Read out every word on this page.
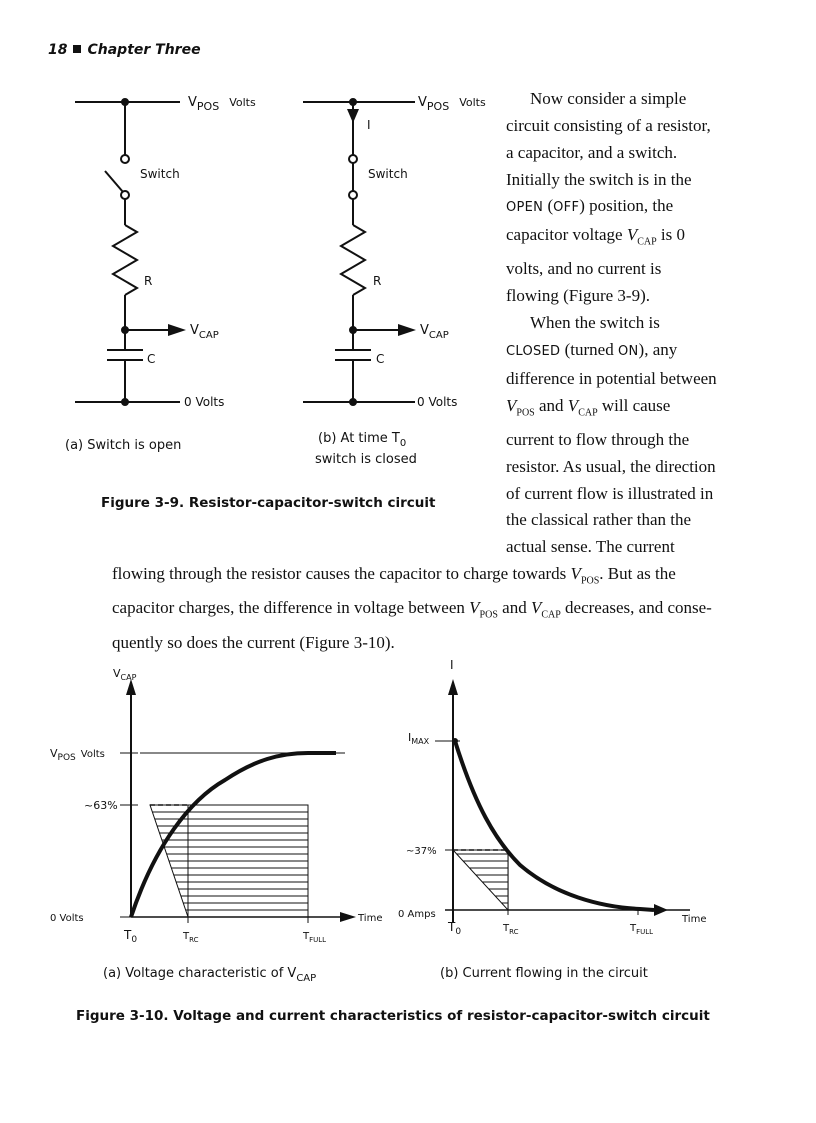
18 Chapter Three
$V_{POS}$ $^{Volts}$
Switch
R
$V_{CAP}$
C
0 Volts
(a) Switch is open
$V_{POS}$ $^{Volts}$
I
Switch
R
$V_{CAP}$
C
0 Volts
(b) At time $T_0$
switch is closed
Figure 3-9. Resistor-capacitor-switch circuit
$V_{CAP}$
$V_{POS}$ Volts
~63%
0 Volts	Time
$T_0$	$T_{RC}$	$T_{FULL}$
(a) Voltage characteristic of $V_{CAP}$
I
$I_{MAX}$
~37%
0 Amps	Time
$T_0$	$T_{RC}$	$T_{FULL}$
(b) Current flowing in the circuit
Figure 3-10. Voltage and current characteristics of resistor-capacitor-switch circuit

Now consider a simple circuit consisting of a resistor, a capacitor, and a switch. Initially the switch is in the OPEN (OFF) position, the capacitor voltage $V_{CAP}$ is 0 volts, and no current is flowing (Figure 3-9).

When the switch is CLOSED (turned ON), any difference in potential between $V_{POS}$ and $V_{CAP}$ will cause current to flow through the resistor. As usual, the direction of current flow is illustrated in the classical rather than the actual sense. The current flowing through the resistor causes the capacitor to charge towards $V_{POS}$. But as the capacitor charges, the difference in voltage between $V_{POS}$ and $V_{CAP}$ decreases, and conse-quently so does the current (Figure 3-10).
